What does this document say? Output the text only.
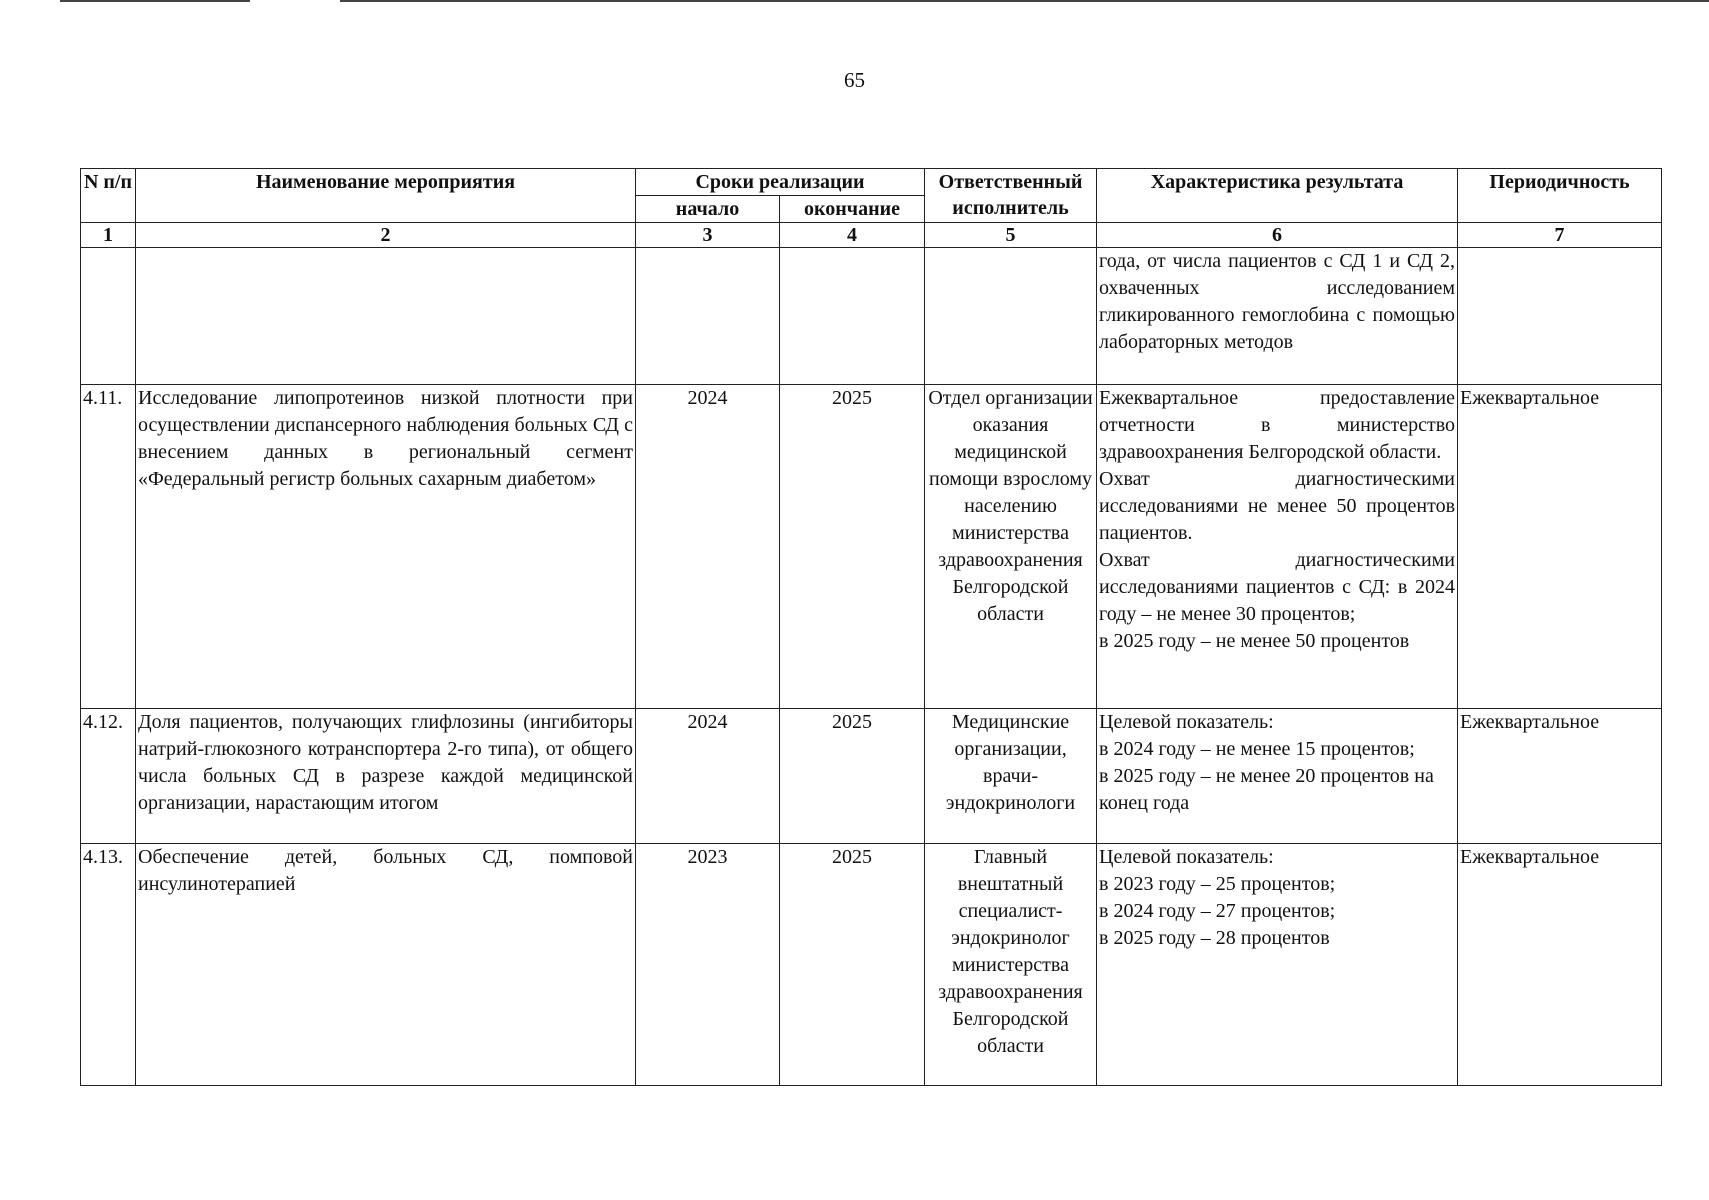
65
N п/п	Наименование мероприятия	Сроки реализации		Ответственный исполнитель	Характеристика результата	Периодичность
		начало	окончание			
1	2	3	4	5	6	7
					года, от числа пациентов с СД 1 и СД 2, охваченных исследованием гликированного гемоглобина с помощью лабораторных методов	
4.11.	Исследование липопротеинов низкой плотности при осуществлении диспансерного наблюдения больных СД с внесением данных в региональный сегмент «Федеральный регистр больных сахарным диабетом»	2024	2025	Отдел организации оказания медицинской помощи взрослому населению министерства здравоохранения Белгородской области	Ежеквартальное предоставление отчетности в министерство здравоохранения Белгородской области.
Охват диагностическими исследованиями не менее 50 процентов пациентов.
Охват диагностическими исследованиями пациентов с СД: в 2024 году – не менее 30 процентов;
в 2025 году – не менее 50 процентов	Ежеквартальное
4.12.	Доля пациентов, получающих глифлозины (ингибиторы натрий-глюкозного котранспортера 2-го типа), от общего числа больных СД в разрезе каждой медицинской организации, нарастающим итогом	2024	2025	Медицинские организации, врачи-эндокринологи	Целевой показатель:
в 2024 году – не менее 15 процентов;
в 2025 году – не менее 20 процентов на конец года	Ежеквартальное
4.13.	Обеспечение детей, больных СД, помповой инсулинотерапией	2023	2025	Главный внештатный специалист-эндокринолог министерства здравоохранения Белгородской области	Целевой показатель:
в 2023 году – 25 процентов;
в 2024 году – 27 процентов;
в 2025 году – 28 процентов	Ежеквартальное
